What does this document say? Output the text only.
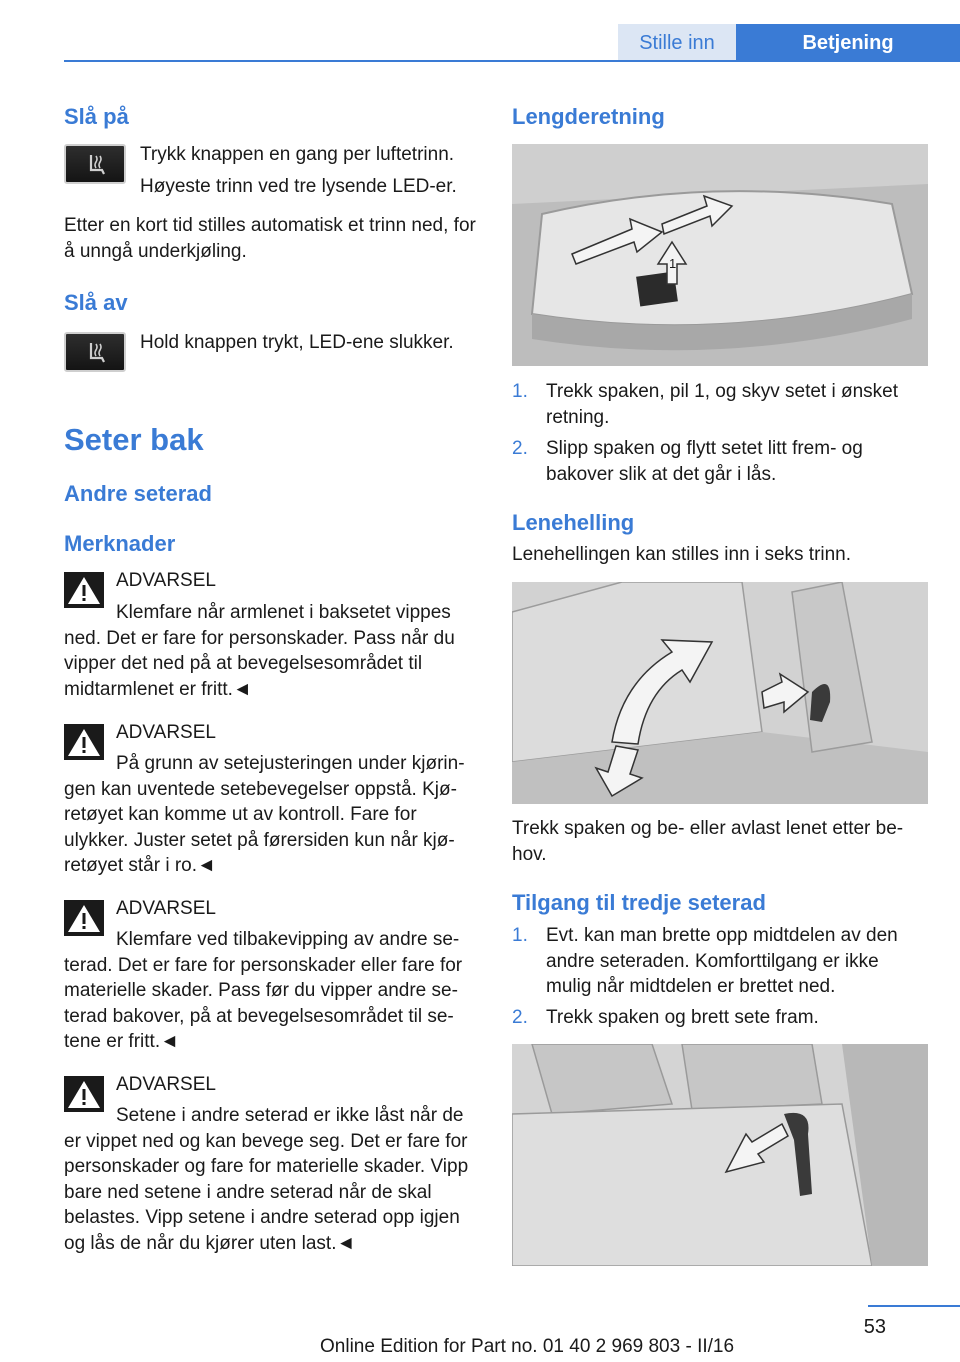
Stille inn	Betjening
Slå på
Trykk knappen en gang per luftetrinn.
Høyeste trinn ved tre lysende LED-er.
Etter en kort tid stilles automatisk et trinn ned, for å unngå underkjøling.
Slå av
Hold knappen trykt, LED-ene slukker.
Seter bak
Andre seterad
Merknader
ADVARSEL
Klemfare når armlenet i baksetet vippes ned. Det er fare for personskader. Pass når du vipper det ned på at bevegelsesområdet til midtarmlenet er fritt.◄
ADVARSEL
På grunn av setejusteringen under kjøringen kan uventede setebevegelser oppstå. Kjøretøyet kan komme ut av kontroll. Fare for ulykker. Juster setet på førersiden kun når kjøretøyet står i ro.◄
ADVARSEL
Klemfare ved tilbakevipping av andre seterad. Det er fare for personskader eller fare for materielle skader. Pass før du vipper andre seterad bakover, på at bevegelsesområdet til setene er fritt.◄
ADVARSEL
Setene i andre seterad er ikke låst når de er vippet ned og kan bevege seg. Det er fare for personskader og fare for materielle skader. Vipp bare ned setene i andre seterad når de skal belastes. Vipp setene i andre seterad opp igjen og lås de når du kjører uten last.◄
Lengderetning
1
1. Trekk spaken, pil 1, og skyv setet i ønsket retning.
2. Slipp spaken og flytt setet litt frem- og bakover slik at det går i lås.
Lenehelling
Lenehellingen kan stilles inn i seks trinn.
Trekk spaken og be- eller avlast lenet etter behov.
Tilgang til tredje seterad
1. Evt. kan man brette opp midtdelen av den andre seteraden. Komforttilgang er ikke mulig når midtdelen er brettet ned.
2. Trekk spaken og brett sete fram.
53
Online Edition for Part no. 01 40 2 969 803 - II/16
